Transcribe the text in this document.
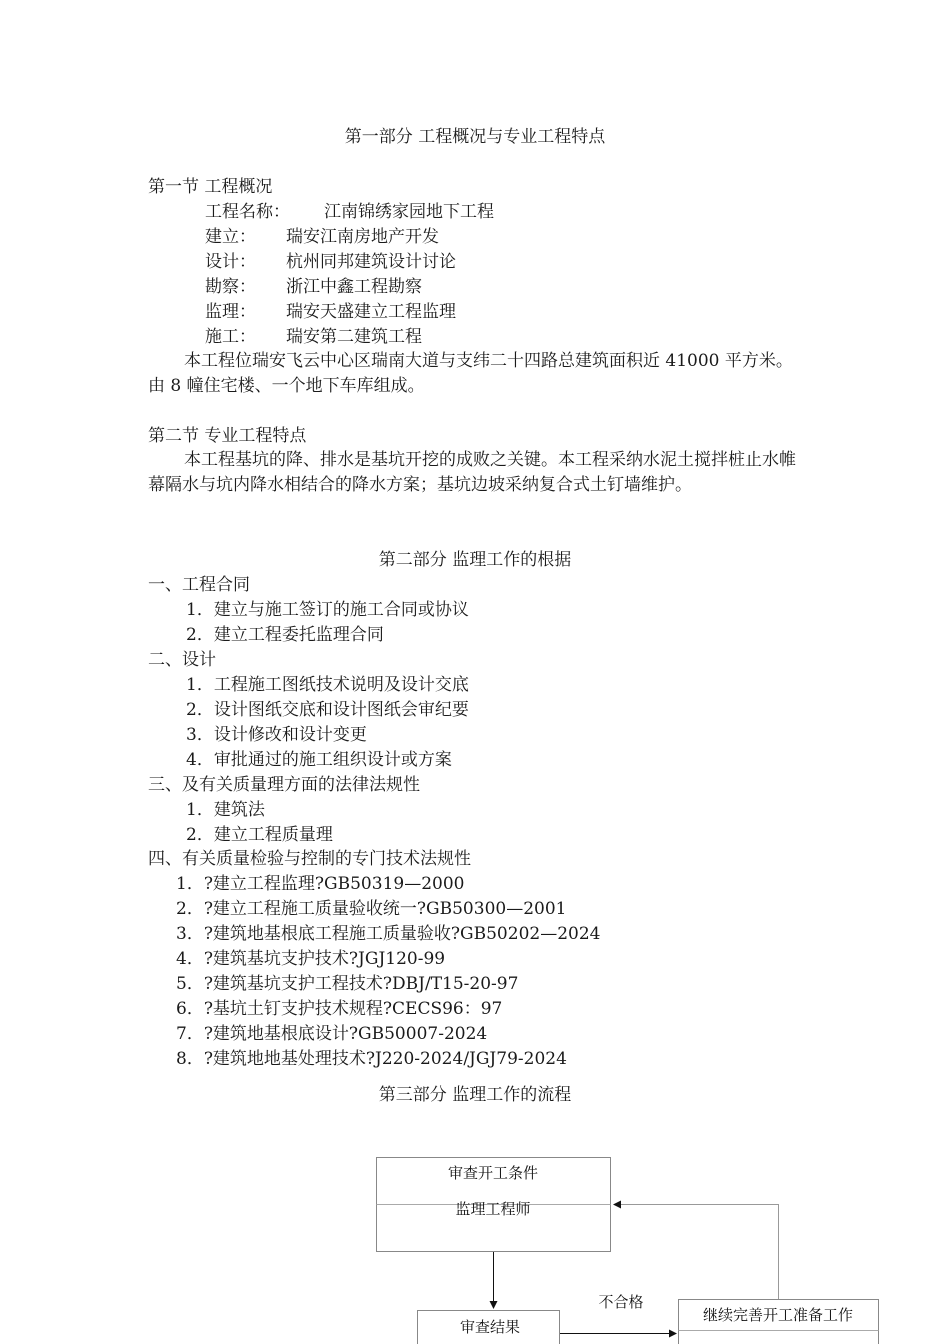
第一部分 工程概况与专业工程特点
第一节 工程概况
工程名称： 江南锦绣家园地下工程
建立： 瑞安江南房地产开发
设计： 杭州同邦建筑设计讨论
勘察： 浙江中鑫工程勘察
监理： 瑞安天盛建立工程监理
施工： 瑞安第二建筑工程
本工程位瑞安飞云中心区瑞南大道与支纬二十四路总建筑面积近 41000 平方米。由 8 幢住宅楼、一个地下车库组成。
第二节 专业工程特点
本工程基坑的降、排水是基坑开挖的成败之关键。本工程采纳水泥土搅拌桩止水帷幕隔水与坑内降水相结合的降水方案；基坑边坡采纳复合式土钉墙维护。
第二部分 监理工作的根据
一、工程合同
1．建立与施工签订的施工合同或协议
2．建立工程委托监理合同
二、设计
1．工程施工图纸技术说明及设计交底
2．设计图纸交底和设计图纸会审纪要
3．设计修改和设计变更
4．审批通过的施工组织设计或方案
三、及有关质量理方面的法律法规性
1．建筑法
2．建立工程质量理
四、有关质量检验与控制的专门技术法规性
1．?建立工程监理?GB50319—2000
2．?建立工程施工质量验收统一?GB50300—2001
3．?建筑地基根底工程施工质量验收?GB50202—2024
4．?建筑基坑支护技术?JGJ120-99
5．?建筑基坑支护工程技术?DBJ/T15-20-97
6．?基坑土钉支护技术规程?CECS96：97
7．?建筑地基根底设计?GB50007-2024
8．?建筑地地基处理技术?J220-2024/JGJ79-2024
第三部分 监理工作的流程
审查开工条件
监理工程师
审查结果
不合格
继续完善开工准备工作
